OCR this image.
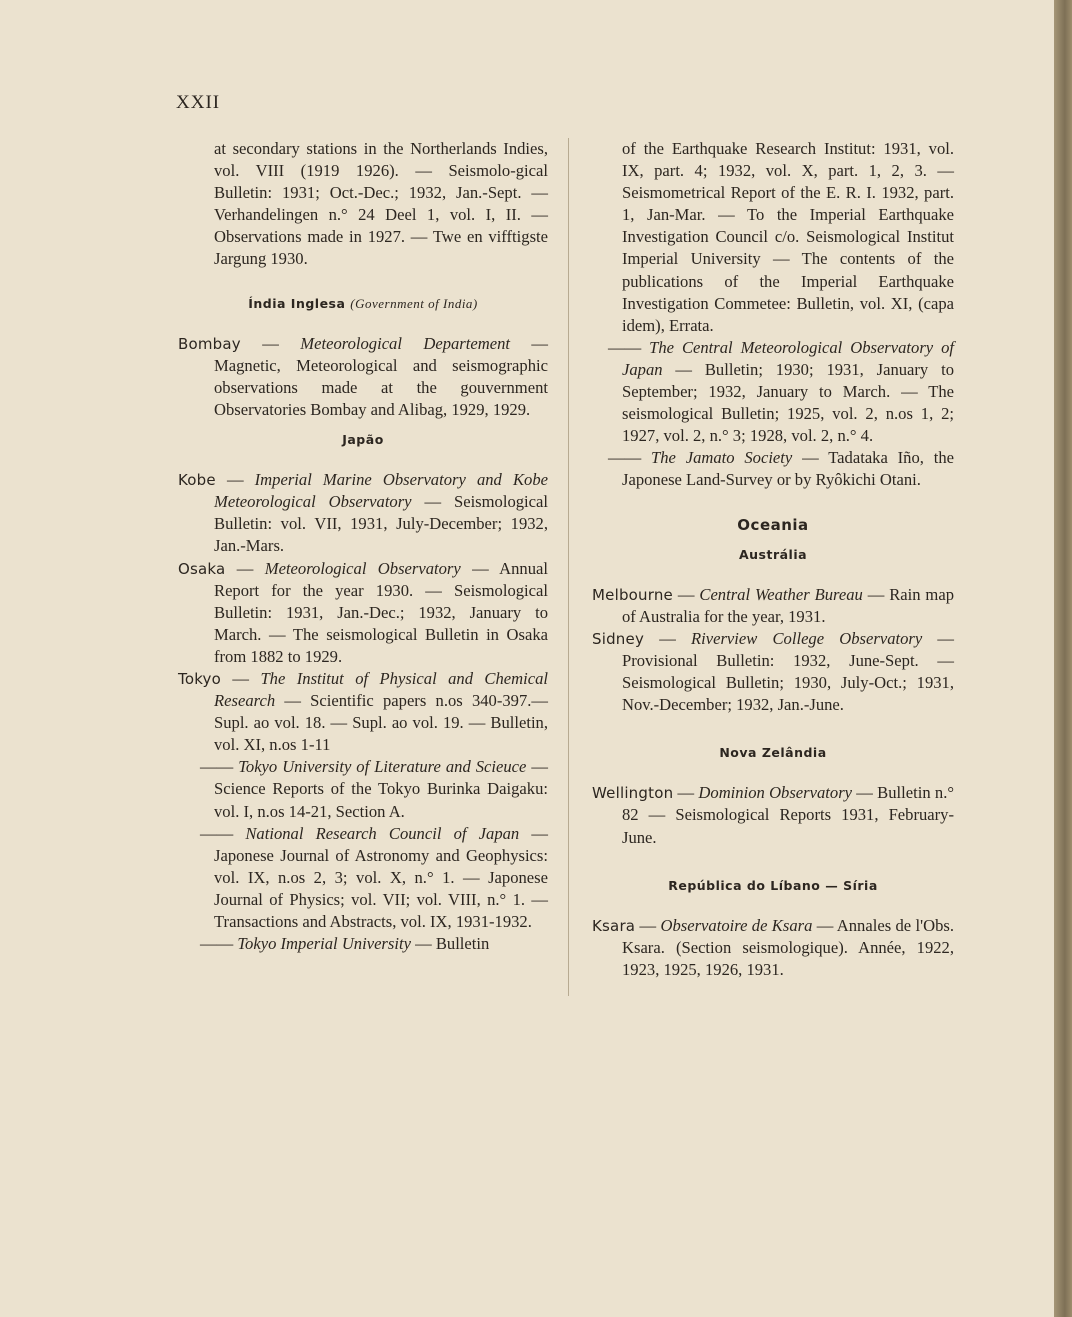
XXII

at secondary stations in the Northerlands Indies, vol. VIII (1919 1926). — Seismolo-gical Bulletin: 1931; Oct.-Dec.; 1932, Jan.-Sept. — Verhandelingen n.° 24 Deel 1, vol. I, II. — Observations made in 1927. — Twe en vifftigste Jargung 1930.

Índia Inglesa (Government of India)

Bombay — Meteorological Departement — Magnetic, Meteorological and seismographic observations made at the gouvernment Observatories Bombay and Alibag, 1929, 1929.

Japão

Kobe — Imperial Marine Observatory and Kobe Meteorological Observatory — Seismological Bulletin: vol. VII, 1931, July-December; 1932, Jan.-Mars.

Osaka — Meteorological Observatory — Annual Report for the year 1930. — Seismological Bulletin: 1931, Jan.-Dec.; 1932, January to March. — The seismological Bulletin in Osaka from 1882 to 1929.

Tokyo — The Institut of Physical and Chemical Research — Scientific papers n.os 340-397.— Supl. ao vol. 18. — Supl. ao vol. 19. — Bulletin, vol. XI, n.os 1-11

—— Tokyo University of Literature and Scieuce — Science Reports of the Tokyo Burinka Daigaku: vol. I, n.os 14-21, Section A.

—— National Research Council of Japan — Japonese Journal of Astronomy and Geophysics: vol. IX, n.os 2, 3; vol. X, n.° 1. — Japonese Journal of Physics; vol. VII; vol. VIII, n.° 1. — Transactions and Abstracts, vol. IX, 1931-1932.

—— Tokyo Imperial University — Bulletin

of the Earthquake Research Institut: 1931, vol. IX, part. 4; 1932, vol. X, part. 1, 2, 3. — Seismometrical Report of the E. R. I. 1932, part. 1, Jan-Mar. — To the Imperial Earthquake Investigation Council c/o. Seismological Institut Imperial University — The contents of the publications of the Imperial Earthquake Investigation Commetee: Bulletin, vol. XI, (capa idem), Errata.

—— The Central Meteorological Observatory of Japan — Bulletin; 1930; 1931, January to September; 1932, January to March. — The seismological Bulletin; 1925, vol. 2, n.os 1, 2; 1927, vol. 2, n.° 3; 1928, vol. 2, n.° 4.

—— The Jamato Society — Tadataka Iño, the Japonese Land-Survey or by Ryôkichi Otani.

Oceania

Austrália

Melbourne — Central Weather Bureau — Rain map of Australia for the year, 1931.

Sidney — Riverview College Observatory — Provisional Bulletin: 1932, June-Sept. — Seismological Bulletin; 1930, July-Oct.; 1931, Nov.-December; 1932, Jan.-June.

Nova Zelândia

Wellington — Dominion Observatory — Bulletin n.° 82 — Seismological Reports 1931, February-June.

República do Líbano — Síria

Ksara — Observatoire de Ksara — Annales de l'Obs. Ksara. (Section seismologique). Année, 1922, 1923, 1925, 1926, 1931.
